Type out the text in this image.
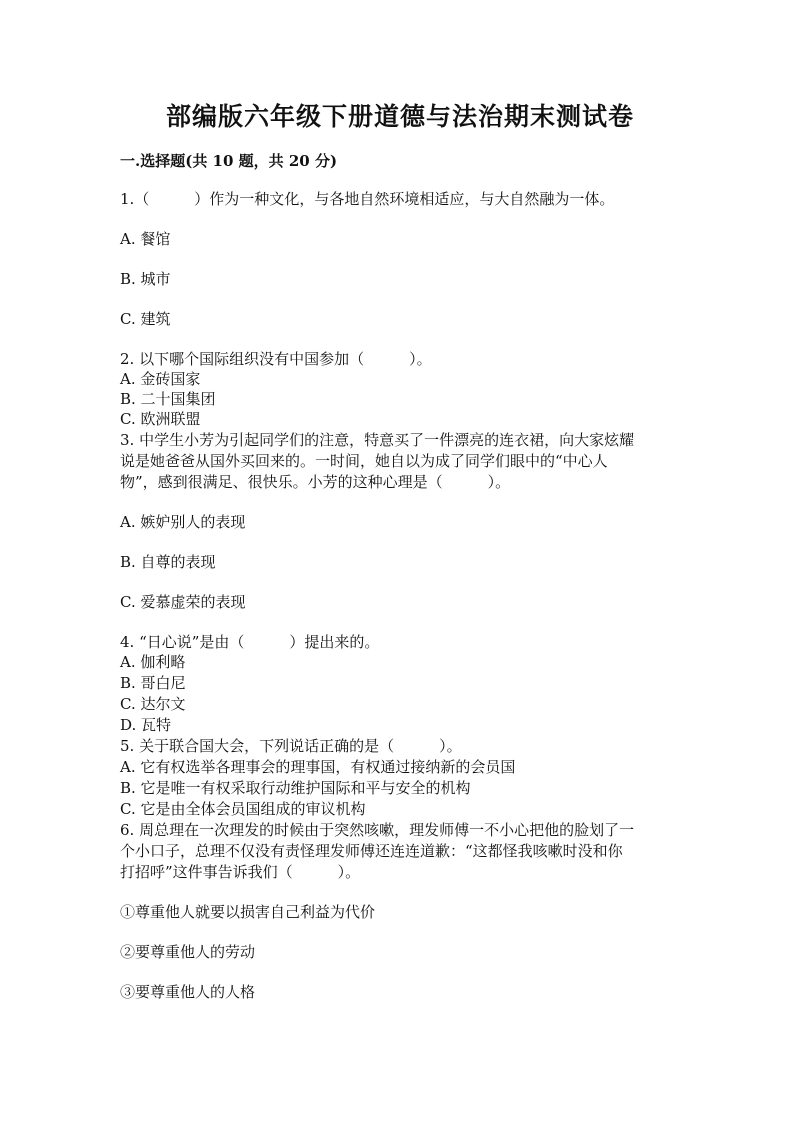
部编版六年级下册道德与法治期末测试卷
一.选择题(共 10 题，共 20 分)
1.（　　　）作为一种文化，与各地自然环境相适应，与大自然融为一体。
A. 餐馆
B. 城市
C. 建筑
2. 以下哪个国际组织没有中国参加（　　　）。
A. 金砖国家
B. 二十国集团
C. 欧洲联盟
3. 中学生小芳为引起同学们的注意，特意买了一件漂亮的连衣裙，向大家炫耀
说是她爸爸从国外买回来的。一时间，她自以为成了同学们眼中的“中心人
物”，感到很满足、很快乐。小芳的这种心理是（　　　）。
A. 嫉妒别人的表现
B. 自尊的表现
C. 爱慕虚荣的表现
4. “日心说”是由（　　　）提出来的。
A. 伽利略
B. 哥白尼
C. 达尔文
D. 瓦特
5. 关于联合国大会，下列说话正确的是（　　　）。
A. 它有权选举各理事会的理事国，有权通过接纳新的会员国
B. 它是唯一有权采取行动维护国际和平与安全的机构
C. 它是由全体会员国组成的审议机构
6. 周总理在一次理发的时候由于突然咳嗽，理发师傅一不小心把他的脸划了一
个小口子，总理不仅没有责怪理发师傅还连连道歉：“这都怪我咳嗽时没和你
打招呼”这件事告诉我们（　　　）。
①尊重他人就要以损害自己利益为代价
②要尊重他人的劳动
③要尊重他人的人格
